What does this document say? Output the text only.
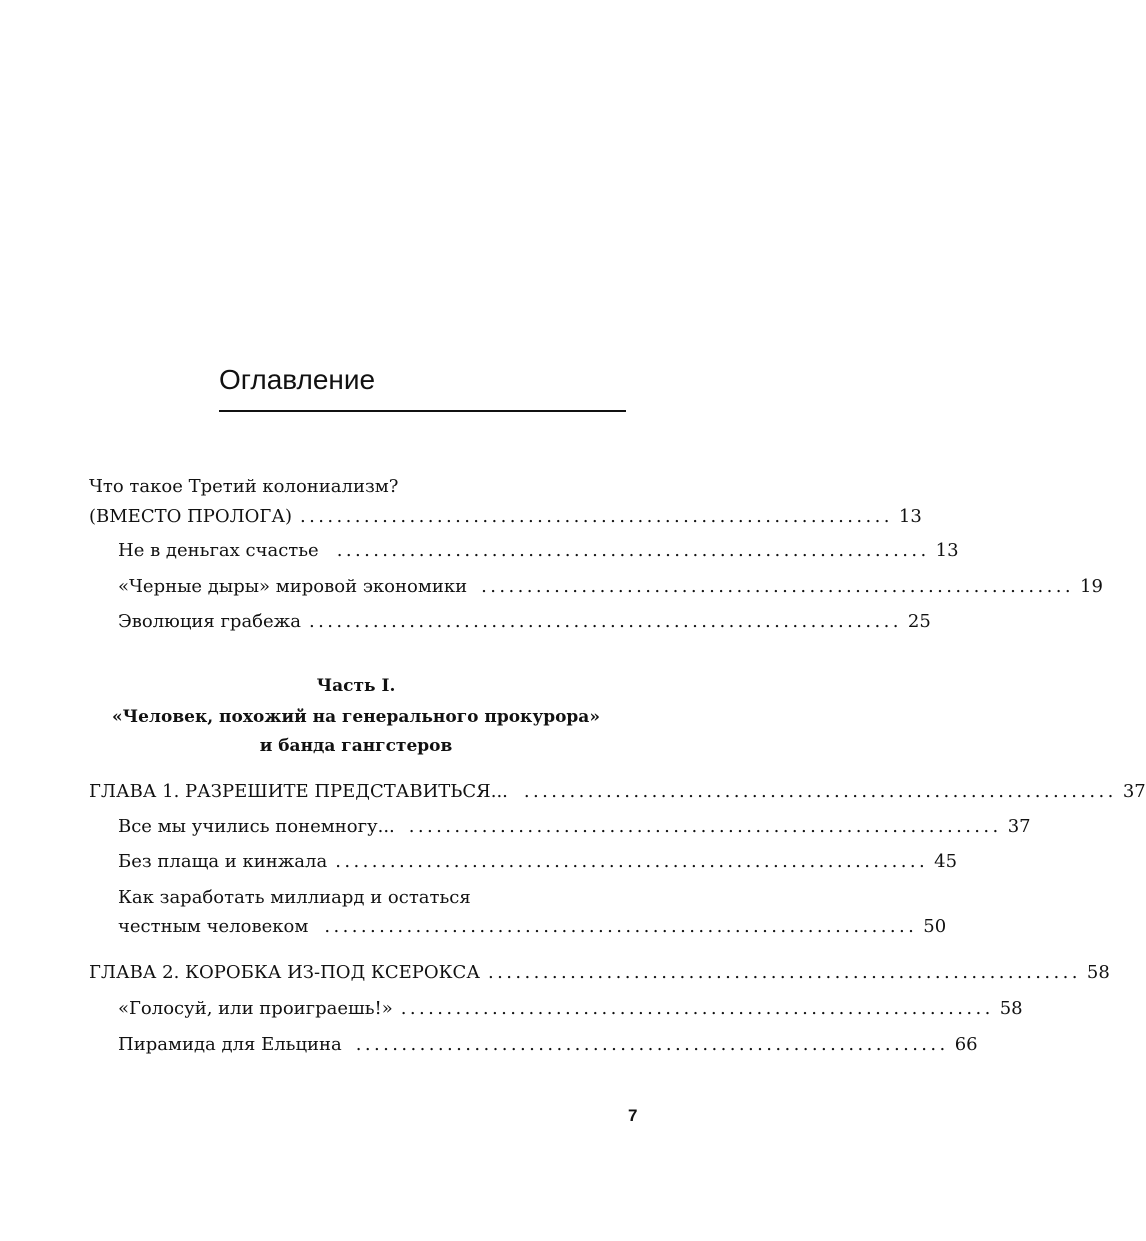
Оглавление
Что такое Третий колониализм?
(ВМЕСТО ПРОЛОГА) ................................................................. 13
Не в деньгах счастье ................................................................. 13
«Черные дыры» мировой экономики ................................................................. 19
Эволюция грабежа ................................................................. 25
Часть I.
«Человек, похожий на генерального прокурора»
и банда гангстеров
ГЛАВА 1. РАЗРЕШИТЕ ПРЕДСТАВИТЬСЯ... ................................................................. 37
Все мы учились понемногу... ................................................................. 37
Без плаща и кинжала ................................................................. 45
Как заработать миллиард и остаться
честным человеком ................................................................. 50
ГЛАВА 2. КОРОБКА ИЗ-ПОД КСЕРОКСА ................................................................. 58
«Голосуй, или проиграешь!» ................................................................. 58
Пирамида для Ельцина ................................................................. 66
7
